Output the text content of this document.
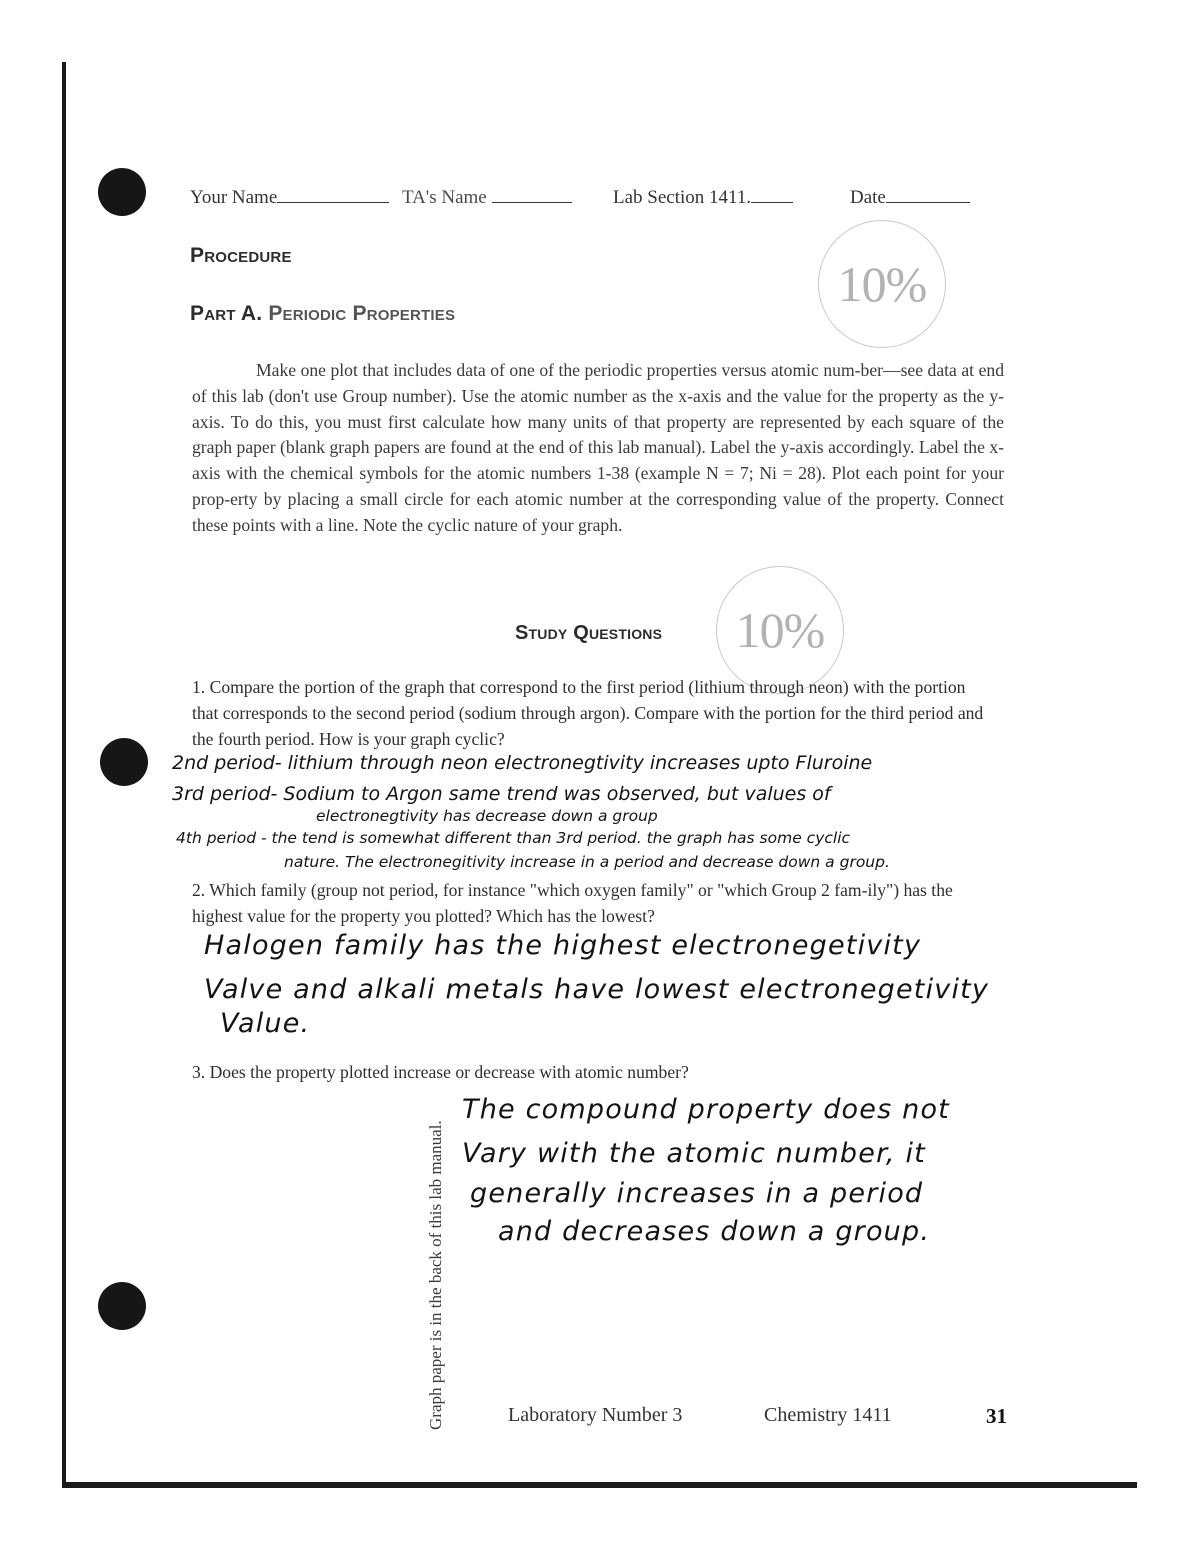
Your Name	TA's Name	Lab Section 1411.	Date
Procedure
10%
Part A. Periodic Properties
Make one plot that includes data of one of the periodic properties versus atomic num-ber—see data at end of this lab (don't use Group number). Use the atomic number as the x-axis and the value for the property as the y-axis. To do this, you must first calculate how many units of that property are represented by each square of the graph paper (blank graph papers are found at the end of this lab manual). Label the y-axis accordingly. Label the x-axis with the chemical symbols for the atomic numbers 1-38 (example N = 7; Ni = 28). Plot each point for your prop-erty by placing a small circle for each atomic number at the corresponding value of the property. Connect these points with a line. Note the cyclic nature of your graph.
Study Questions 10%
1. Compare the portion of the graph that correspond to the first period (lithium through neon) with the portion that corresponds to the second period (sodium through argon). Compare with the portion for the third period and the fourth period. How is your graph cyclic?
2nd period- lithium through neon electronegtivity increases upto Fluroine
3rd period- Sodium to Argon same trend was observed, but values of
electronegtivity has decrease down a group
4th period - the tend is somewhat different than 3rd period. the graph has some cyclic
nature. The electronegitivity increase in a period and decrease down a group.
2. Which family (group not period, for instance "which oxygen family" or "which Group 2 fam-ily") has the highest value for the property you plotted? Which has the lowest?
Halogen family has the highest electronegetivity
Valve and alkali metals have lowest electronegetivity
Value.
3. Does the property plotted increase or decrease with atomic number?
The compound property does not
Vary with the atomic number, it
generally increases in a period
and decreases down a group.
Graph paper is in the back of this lab manual.	Laboratory Number 3	Chemistry 1411	31
